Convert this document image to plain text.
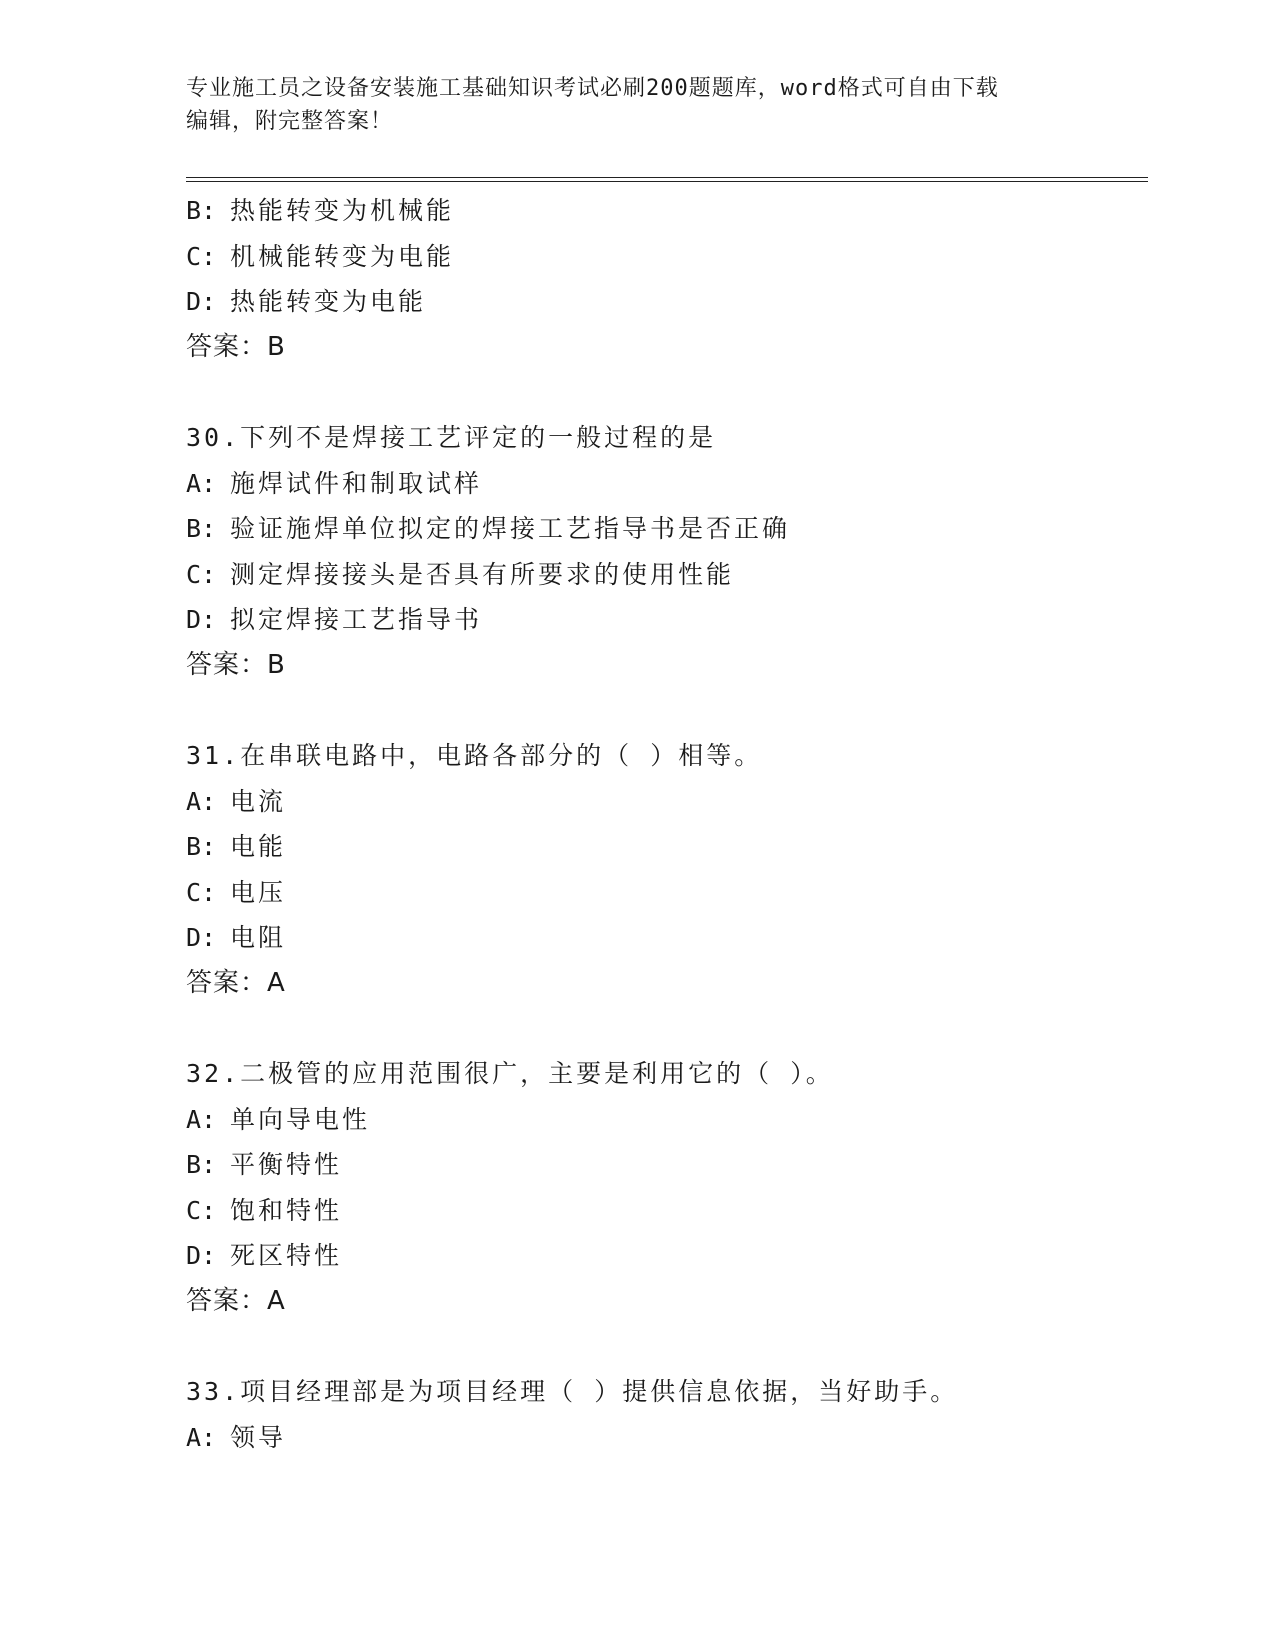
专业施工员之设备安装施工基础知识考试必刷200题题库，word格式可自由下载
编辑，附完整答案！
B: 热能转变为机械能
C: 机械能转变为电能
D: 热能转变为电能
答案：B
30.下列不是焊接工艺评定的一般过程的是
A: 施焊试件和制取试样
B: 验证施焊单位拟定的焊接工艺指导书是否正确
C: 测定焊接接头是否具有所要求的使用性能
D: 拟定焊接工艺指导书
答案：B
31.在串联电路中，电路各部分的（ ）相等。
A: 电流
B: 电能
C: 电压
D: 电阻
答案：A
32.二极管的应用范围很广，主要是利用它的（ ）。
A: 单向导电性
B: 平衡特性
C: 饱和特性
D: 死区特性
答案：A
33.项目经理部是为项目经理（ ）提供信息依据，当好助手。
A: 领导
